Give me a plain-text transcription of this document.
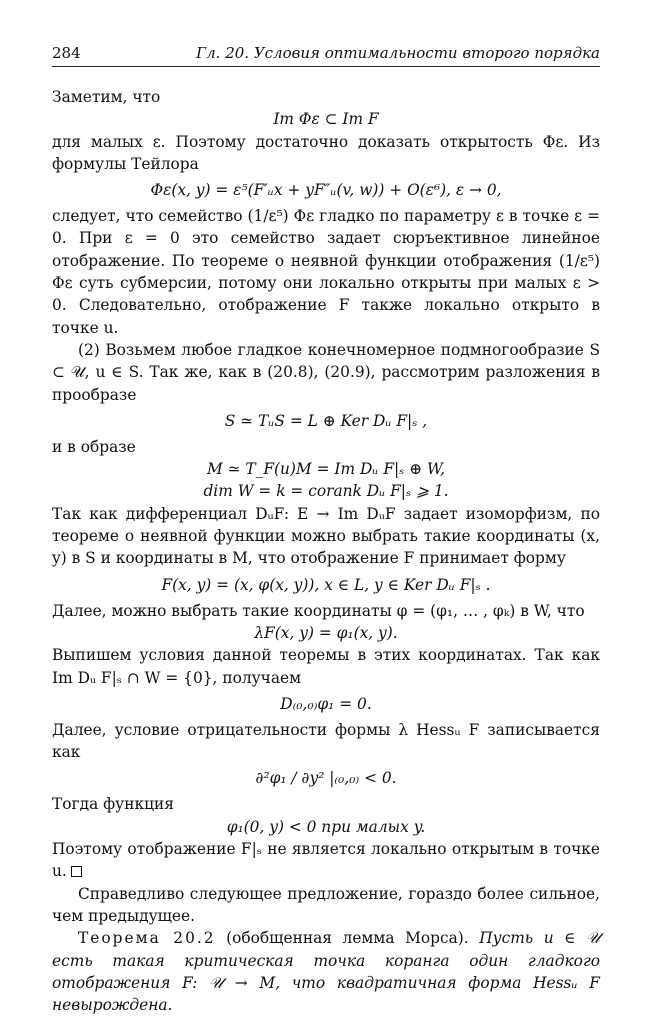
284	Гл. 20. Условия оптимальности второго порядка

Заметим, что

Im Φε ⊂ Im F

для малых ε. Поэтому достаточно доказать открытость Φε. Из формулы Тейлора

Φε(x, y) = ε⁵(F′ᵤx + yF″ᵤ(v, w)) + O(ε⁶), ε → 0,

следует, что семейство (1/ε⁵) Φε гладко по параметру ε в точке ε = 0. При ε = 0 это семейство задает сюръективное линейное отображение. По теореме о неявной функции отображения (1/ε⁵) Φε суть субмерсии, потому они локально открыты при малых ε > 0. Следовательно, отображение F также локально открыто в точке u.

(2) Возьмем любое гладкое конечномерное подмногообразие S ⊂ 𝒰, u ∈ S. Так же, как в (20.8), (20.9), рассмотрим разложения в прообразе

S ≃ TᵤS = L ⊕ Ker Dᵤ F|ₛ ,

и в образе

M ≃ T_F(u)M = Im Dᵤ F|ₛ ⊕ W,

dim W = k = corank Dᵤ F|ₛ ⩾ 1.

Так как дифференциал DᵤF: E → Im DᵤF задает изоморфизм, по теореме о неявной функции можно выбрать такие координаты (x, y) в S и координаты в M, что отображение F принимает форму

F(x, y) = (x, φ(x, y)), x ∈ L, y ∈ Ker Dᵤ F|ₛ .

Далее, можно выбрать такие координаты φ = (φ₁, … , φₖ) в W, что

λF(x, y) = φ₁(x, y).

Выпишем условия данной теоремы в этих координатах. Так как Im Dᵤ F|ₛ ∩ W = {0}, получаем

D₍₀,₀₎φ₁ = 0.

Далее, условие отрицательности формы λ Hessᵤ F записывается как

∂²φ₁ / ∂y² |₍₀,₀₎ < 0.

Тогда функция

φ₁(0, y) < 0 при малых y.

Поэтому отображение F|ₛ не является локально открытым в точке u.

Справедливо следующее предложение, гораздо более сильное, чем предыдущее.

Теорема 20.2 (обобщенная лемма Морса). Пусть u ∈ 𝒰 есть такая критическая точка коранга один гладкого отображения F: 𝒰 → M, что квадратичная форма Hessᵤ F невырождена.
